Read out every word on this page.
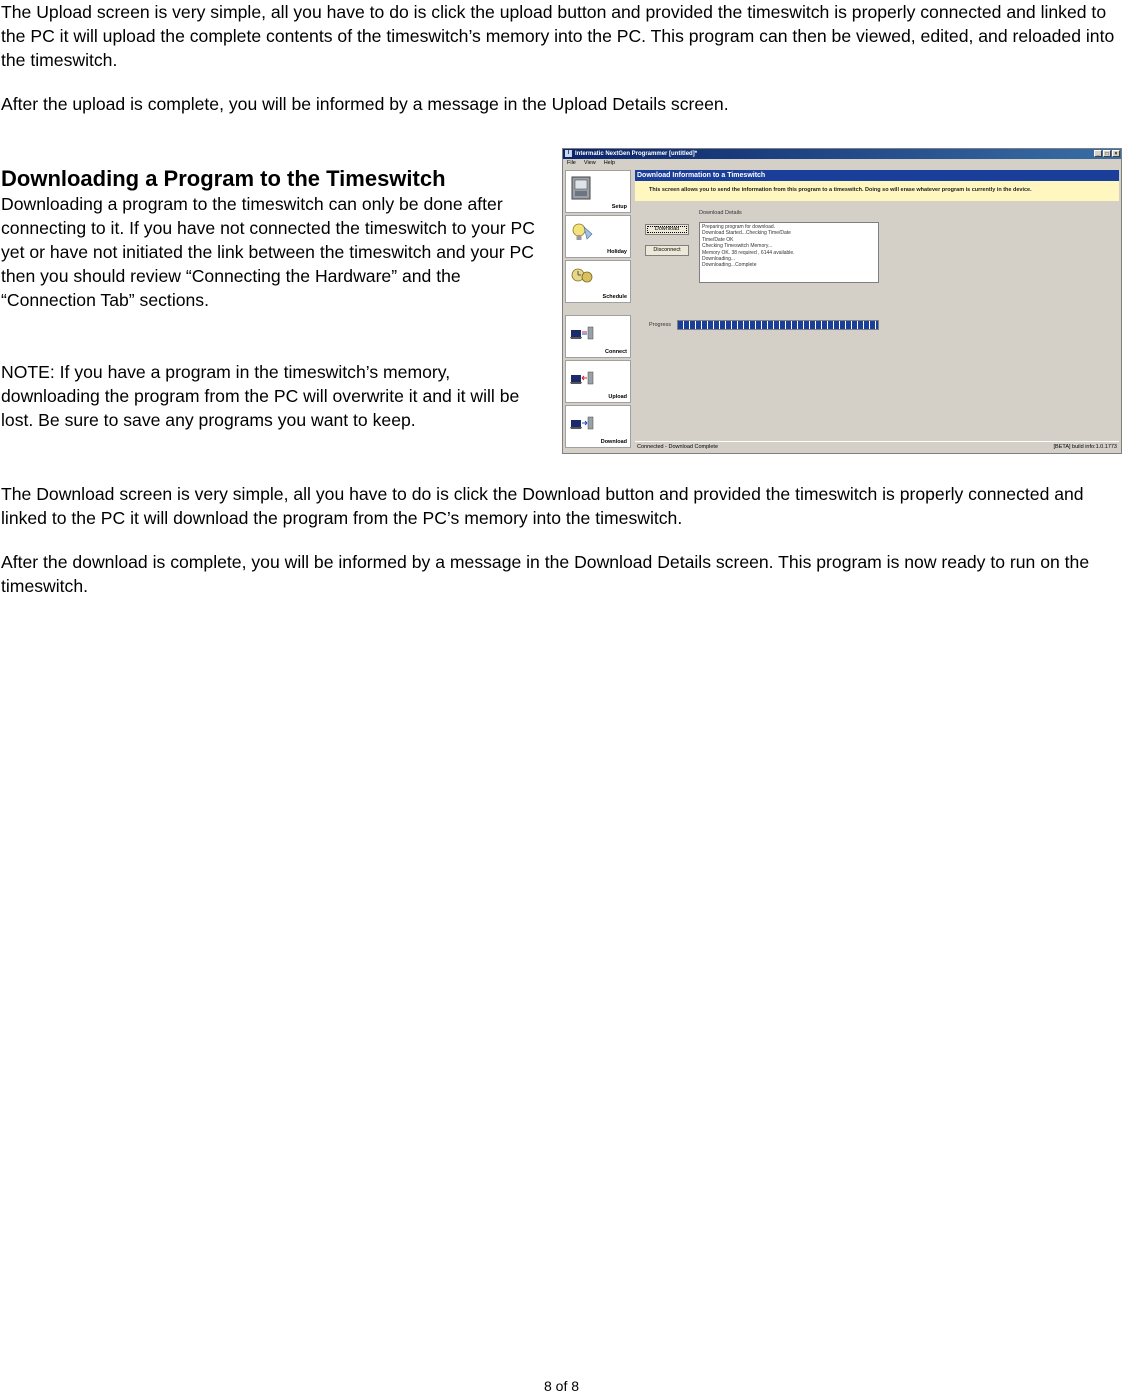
The Upload screen is very simple, all you have to do is click the upload button and provided the timeswitch is properly connected and linked to the PC it will upload the complete contents of the timeswitch’s memory into the PC. This program can then be viewed, edited, and reloaded into the timeswitch.

After the upload is complete, you will be informed by a message in the Upload Details screen.

Downloading a Program to the Timeswitch

Downloading a program to the timeswitch can only be done after connecting to it. If you have not connected the timeswitch to your PC yet or have not initiated the link between the timeswitch and your PC then you should review “Connecting the Hardware” and the “Connection Tab” sections.

NOTE: If you have a program in the timeswitch’s memory, downloading the program from the PC will overwrite it and it will be lost. Be sure to save any programs you want to keep.

I Intermatic NextGen Programmer [untitled]*	_	□	×
File View Help
Setup
Holiday
Schedule
Connect
Upload
Download
Download Information to a Timeswitch
This screen allows you to send the information from this program to a timeswitch. Doing so will erase whatever program is currently in the device.
Download Details
Download
Disconnect
Preparing program for download.
Download Started...Checking Time/Date
Time/Date OK
Checking Timeswitch Memory...
Memory OK. 38 required , 6144 available.
Downloading...
Downloading...Complete
Progress
Connected - Download Complete	[BETA] build info:1.0.1773

The Download screen is very simple, all you have to do is click the Download button and provided the timeswitch is properly connected and linked to the PC it will download the program from the PC’s memory into the timeswitch.

After the download is complete, you will be informed by a message in the Download Details screen. This program is now ready to run on the timeswitch.

8 of 8
